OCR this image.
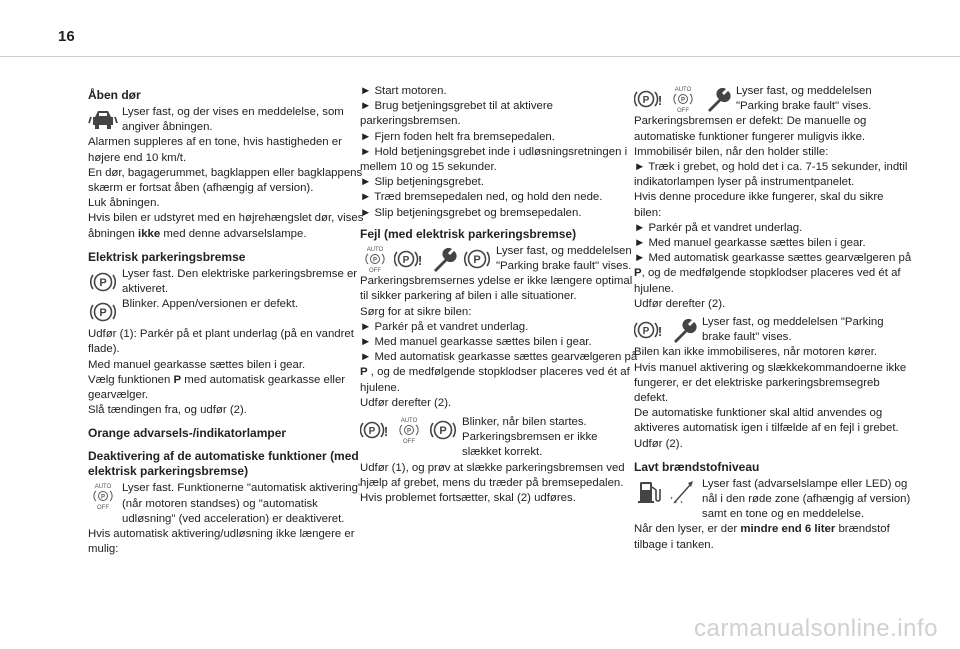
16

Åben dør

Lyser fast, og der vises en meddelelse, som angiver åbningen.

Alarmen suppleres af en tone, hvis hastigheden er højere end 10 km/t.

En dør, bagagerummet, bagklappen eller bagklappens skærm er fortsat åben (afhængig af version).

Luk åbningen.

Hvis bilen er udstyret med en højrehængslet dør, vises åbningen ikke med denne advarselslampe.

Elektrisk parkeringsbremse

Lyser fast. Den elektriske parkeringsbremse er aktiveret.
Blinker. Appen/versionen er defekt.

Udfør (1): Parkér på et plant underlag (på en vandret flade).

Med manuel gearkasse sættes bilen i gear.

Vælg funktionen P med automatisk gearkasse eller gearvælger.

Slå tændingen fra, og udfør (2).

Orange advarsels-/indikatorlamper

Deaktivering af de automatiske funktioner (med elektrisk parkeringsbremse)

Lyser fast. Funktionerne "automatisk aktivering" (når motoren standses) og "automatisk udløsning" (ved acceleration) er deaktiveret.

Hvis automatisk aktivering/udløsning ikke længere er mulig:

► Start motoren.

► Brug betjeningsgrebet til at aktivere parkeringsbremsen.

► Fjern foden helt fra bremsepedalen.

► Hold betjeningsgrebet inde i udløsningsretningen i mellem 10 og 15 sekunder.

► Slip betjeningsgrebet.

► Træd bremsepedalen ned, og hold den nede.

► Slip betjeningsgrebet og bremsepedalen.

Fejl (med elektrisk parkeringsbremse)

Lyser fast, og meddelelsen "Parking brake fault" vises.

Parkeringsbremsernes ydelse er ikke længere optimal til sikker parkering af bilen i alle situationer.

Sørg for at sikre bilen:

► Parkér på et vandret underlag.

► Med manuel gearkasse sættes bilen i gear.

► Med automatisk gearkasse sættes gearvælgeren på P , og de medfølgende stopklodser placeres ved ét af hjulene.

Udfør derefter (2).

Blinker, når bilen startes. Parkeringsbremsen er ikke slækket korrekt.

Udfør (1), og prøv at slække parkeringsbremsen ved hjælp af grebet, mens du træder på bremsepedalen.

Hvis problemet fortsætter, skal (2) udføres.

Lyser fast, og meddelelsen "Parking brake fault" vises.

Parkeringsbremsen er defekt: De manuelle og automatiske funktioner fungerer muligvis ikke.

Immobilisér bilen, når den holder stille:

► Træk i grebet, og hold det i ca. 7-15 sekunder, indtil indikatorlampen lyser på instrumentpanelet.

Hvis denne procedure ikke fungerer, skal du sikre bilen:

► Parkér på et vandret underlag.

► Med manuel gearkasse sættes bilen i gear.

► Med automatisk gearkasse sættes gearvælgeren på P, og de medfølgende stopklodser placeres ved ét af hjulene.

Udfør derefter (2).

Lyser fast, og meddelelsen "Parking brake fault" vises.

Bilen kan ikke immobiliseres, når motoren kører.

Hvis manuel aktivering og slækkekommandoerne ikke fungerer, er det elektriske parkeringsbremsegreb defekt.

De automatiske funktioner skal altid anvendes og aktiveres automatisk igen i tilfælde af en fejl i grebet.

Udfør (2).

Lavt brændstofniveau

Lyser fast (advarselslampe eller LED) og nål i den røde zone (afhængig af version) samt en tone og en meddelelse.

Når den lyser, er der mindre end 6 liter brændstof tilbage i tanken.

carmanualsonline.info
